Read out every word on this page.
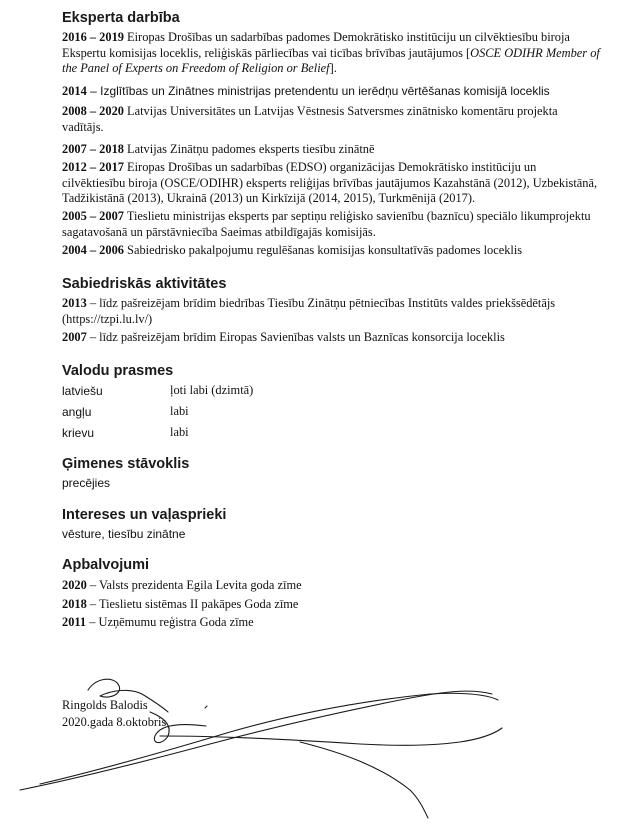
Eksperta darbība
2016 – 2019 Eiropas Drošības un sadarbības padomes Demokrātisko institūciju un cilvēktiesību biroja Ekspertu komisijas loceklis, reliģiskās pārliecības vai ticības brīvības jautājumos [OSCE ODIHR Member of the Panel of Experts on Freedom of Religion or Belief].
2014 – Izglītības un Zinātnes ministrijas pretendentu un ierēdņu vērtēšanas komisijā loceklis
2008 – 2020 Latvijas Universitātes un Latvijas Vēstnesis Satversmes zinātnisko komentāru projekta vadītājs.
2007 – 2018 Latvijas Zinātņu padomes eksperts tiesību zinātnē
2012 – 2017 Eiropas Drošības un sadarbības (EDSO) organizācijas Demokrātisko institūciju un cilvēktiesību biroja (OSCE/ODIHR) eksperts reliģijas brīvības jautājumos Kazahstānā (2012), Uzbekistānā, Tadžikistānā (2013), Ukrainā (2013) un Kirkīzijā (2014, 2015), Turkmēnijā (2017).
2005 – 2007 Tieslietu ministrijas eksperts par septiņu reliģisko savienību (baznīcu) speciālo likumprojektu sagatavošanā un pārstāvniecība Saeimas atbildīgajās komisijās.
2004 – 2006 Sabiedrisko pakalpojumu regulēšanas komisijas konsultatīvās padomes loceklis
Sabiedriskās aktivitātes
2013 – līdz pašreizējam brīdim biedrības Tiesību Zinātņu pētniecības Institūts valdes priekšsēdētājs (https://tzpi.lu.lv/)
2007 – līdz pašreizējam brīdim Eiropas Savienības valsts un Baznīcas konsorcija loceklis
Valodu prasmes
latviešu	ļoti labi (dzimtā)
angļu	labi
krievu	labi
Ģimenes stāvoklis
precējies
Intereses un vaļasprieki
vēsture, tiesību zinātne
Apbalvojumi
2020 – Valsts prezidenta Egila Levita goda zīme
2018 – Tieslietu sistēmas II pakāpes Goda zīme
2011 – Uzņēmumu reģistra Goda zīme
Ringolds Balodis
2020.gada 8.oktobris
